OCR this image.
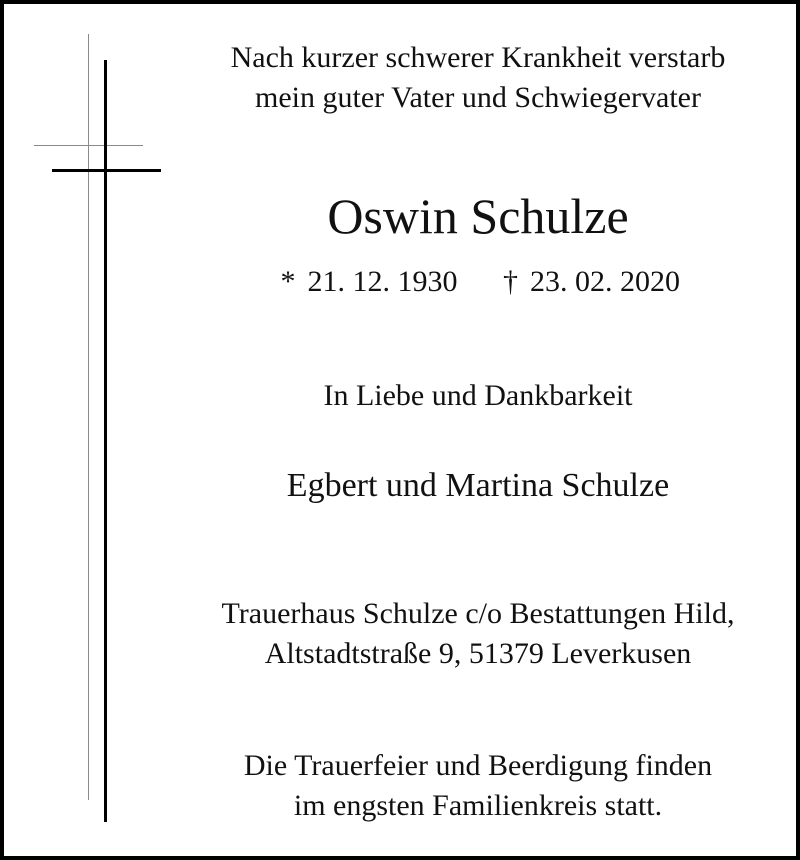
Nach kurzer schwerer Krankheit verstarb
mein guter Vater und Schwiegervater
Oswin Schulze
* 21. 12. 1930 † 23. 02. 2020
In Liebe und Dankbarkeit
Egbert und Martina Schulze
Trauerhaus Schulze c/o Bestattungen Hild,
Altstadtstraße 9, 51379 Leverkusen
Die Trauerfeier und Beerdigung finden
im engsten Familienkreis statt.
